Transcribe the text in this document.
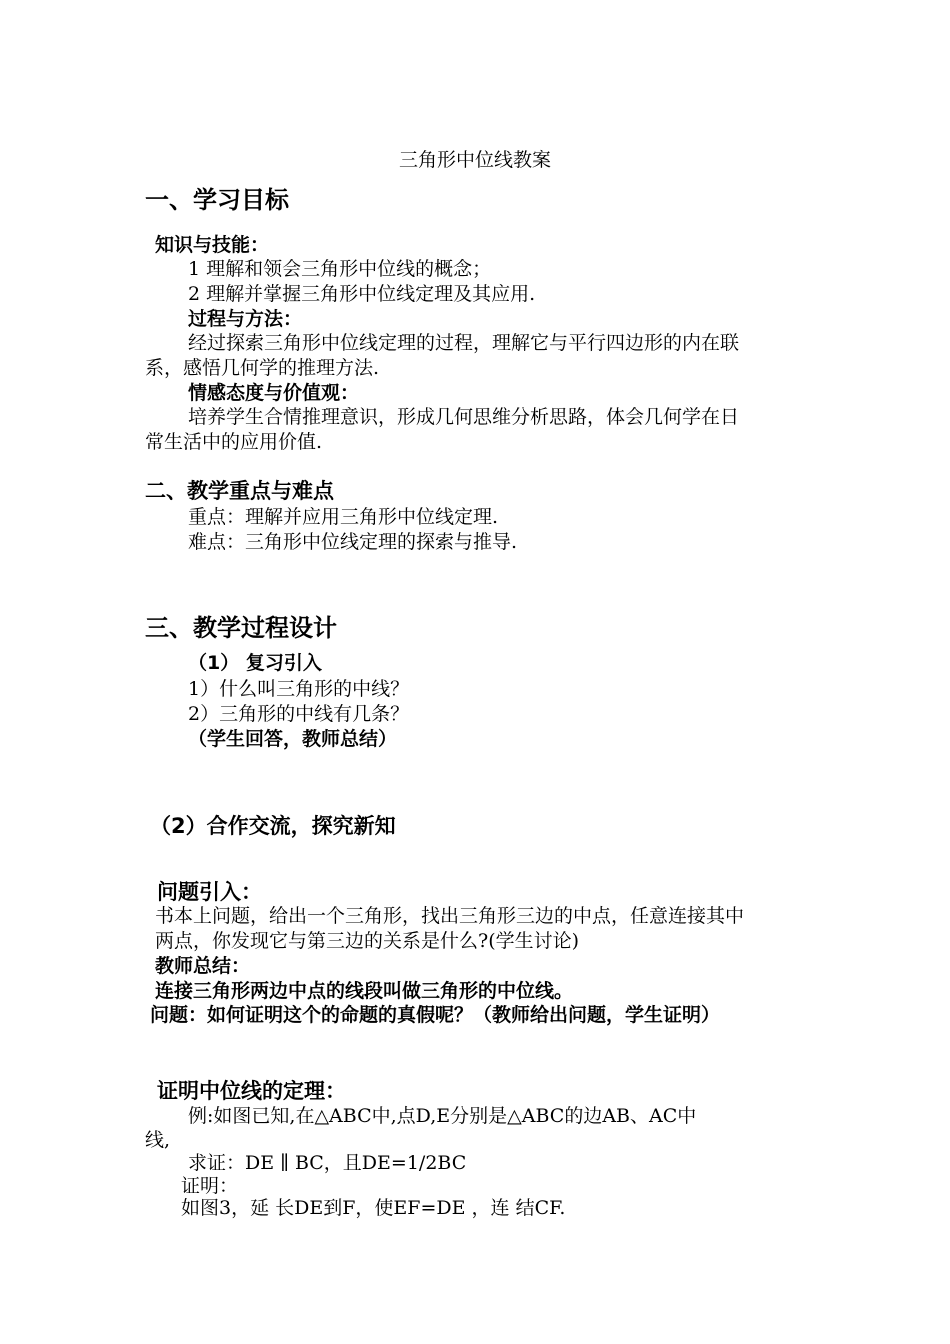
三角形中位线教案
一、学习目标
知识与技能：
1 理解和领会三角形中位线的概念；
2 理解并掌握三角形中位线定理及其应用.
过程与方法：
经过探索三角形中位线定理的过程，理解它与平行四边形的内在联
系，感悟几何学的推理方法.
情感态度与价值观：
培养学生合情推理意识，形成几何思维分析思路，体会几何学在日
常生活中的应用价值.
二、教学重点与难点
重点：理解并应用三角形中位线定理.
难点：三角形中位线定理的探索与推导.
三、教学过程设计
（1） 复习引入
1）什么叫三角形的中线？
2）三角形的中线有几条？
（学生回答，教师总结）
（2）合作交流，探究新知
问题引入：
书本上问题，给出一个三角形，找出三角形三边的中点，任意连接其中
两点，你发现它与第三边的关系是什么?(学生讨论)
教师总结：
连接三角形两边中点的线段叫做三角形的中位线。
问题：如何证明这个的命题的真假呢？（教师给出问题，学生证明）
证明中位线的定理：
例:如图已知,在△ABC中,点D,E分别是△ABC的边AB、AC中
线,
求证：DE ∥ BC，且DE=1/2BC
证明：
如图3，延 长DE到F，使EF=DE ，连 结CF.
